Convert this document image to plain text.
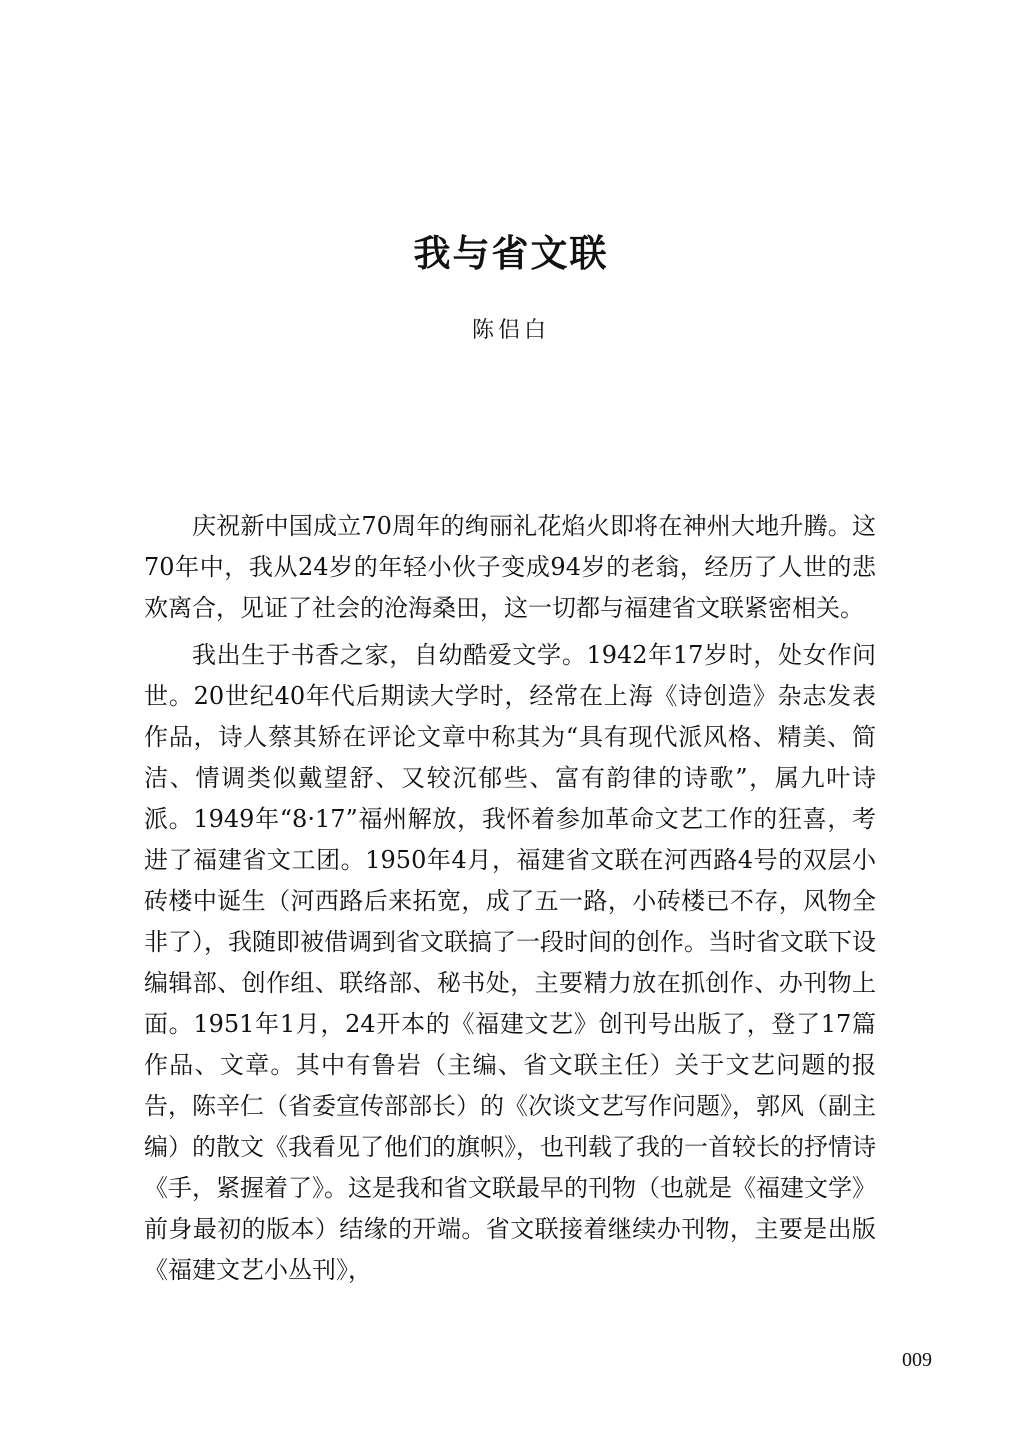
我与省文联
陈侣白

庆祝新中国成立70周年的绚丽礼花焰火即将在神州大地升腾。这70年中，我从24岁的年轻小伙子变成94岁的老翁，经历了人世的悲欢离合，见证了社会的沧海桑田，这一切都与福建省文联紧密相关。

我出生于书香之家，自幼酷爱文学。1942年17岁时，处女作问世。20世纪40年代后期读大学时，经常在上海《诗创造》杂志发表作品，诗人蔡其矫在评论文章中称其为“具有现代派风格、精美、简洁、情调类似戴望舒、又较沉郁些、富有韵律的诗歌”，属九叶诗派。1949年“8·17”福州解放，我怀着参加革命文艺工作的狂喜，考进了福建省文工团。1950年4月，福建省文联在河西路4号的双层小砖楼中诞生（河西路后来拓宽，成了五一路，小砖楼已不存，风物全非了），我随即被借调到省文联搞了一段时间的创作。当时省文联下设编辑部、创作组、联络部、秘书处，主要精力放在抓创作、办刊物上面。1951年1月，24开本的《福建文艺》创刊号出版了，登了17篇作品、文章。其中有鲁岩（主编、省文联主任）关于文艺问题的报告，陈辛仁（省委宣传部部长）的《次谈文艺写作问题》，郭风（副主编）的散文《我看见了他们的旗帜》，也刊载了我的一首较长的抒情诗《手，紧握着了》。这是我和省文联最早的刊物（也就是《福建文学》前身最初的版本）结缘的开端。省文联接着继续办刊物，主要是出版《福建文艺小丛刊》，

009
